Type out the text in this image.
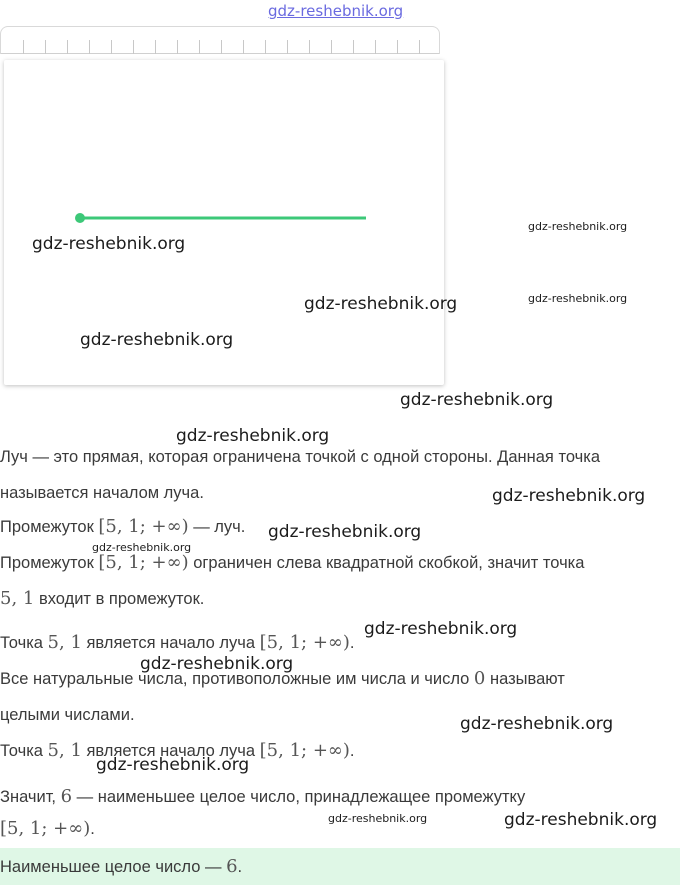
gdz-reshebnik.org
gdz-reshebnik.org
gdz-reshebnik.org
gdz-reshebnik.org	gdz-reshebnik.org
gdz-reshebnik.org
gdz-reshebnik.org
gdz-reshebnik.org
Луч — это прямая, которая ограничена точкой с одной стороны. Данная точка
называется началом луча.	gdz-reshebnik.org
Промежуток [5, 1; +∞) — луч. gdz-reshebnik.org
gdz-reshebnik.org
Промежуток [5, 1; +∞) ограничен слева квадратной скобкой, значит точка
5, 1 входит в промежуток.
gdz-reshebnik.org
Точка 5, 1 является начало луча [5, 1; +∞).
gdz-reshebnik.org
Все натуральные числа, противоположные им числа и число 0 называют
целыми числами.	gdz-reshebnik.org
Точка 5, 1 является начало луча [5, 1; +∞).
gdz-reshebnik.org
Значит, 6 — наименьшее целое число, принадлежащее промежутку
[5, 1; +∞).
gdz-reshebnik.org	gdz-reshebnik.org
Наименьшее целое число — 6.
